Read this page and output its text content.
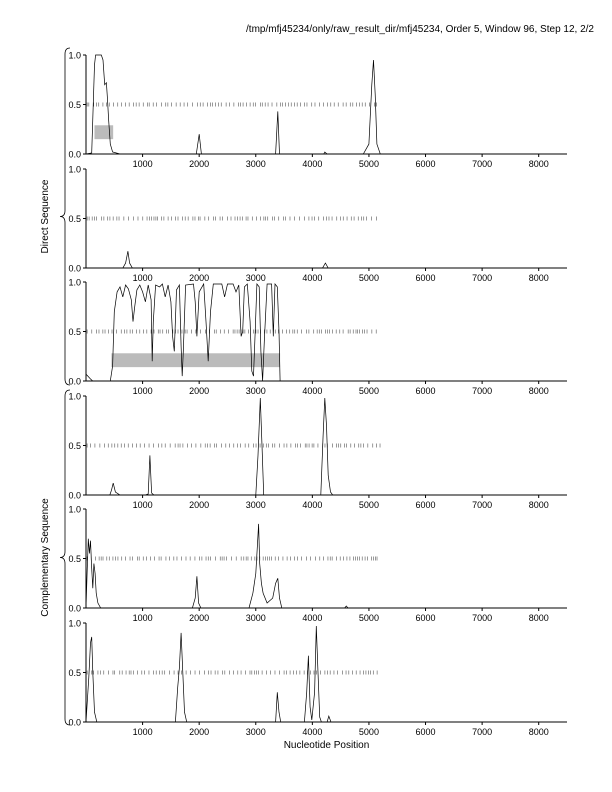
/tmp/mfj45234/only/raw_result_dir/mfj45234, Order 5, Window 96, Step 12, 2/2
0.0
0.5
1.0
1000	2000	3000	4000	5000	6000	7000	8000
0.0
0.5
1.0
1000	2000	3000	4000	5000	6000	7000	8000
0.0
0.5
1.0
1000	2000	3000	4000	5000	6000	7000	8000
0.0
0.5
1.0
1000	2000	3000	4000	5000	6000	7000	8000
0.0
0.5
1.0
1000	2000	3000	4000	5000	6000	7000	8000
0.0
0.5
1.0
1000	2000	3000	4000	5000	6000	7000	8000
Direct Sequence
Complementary Sequence
Nucleotide Position
